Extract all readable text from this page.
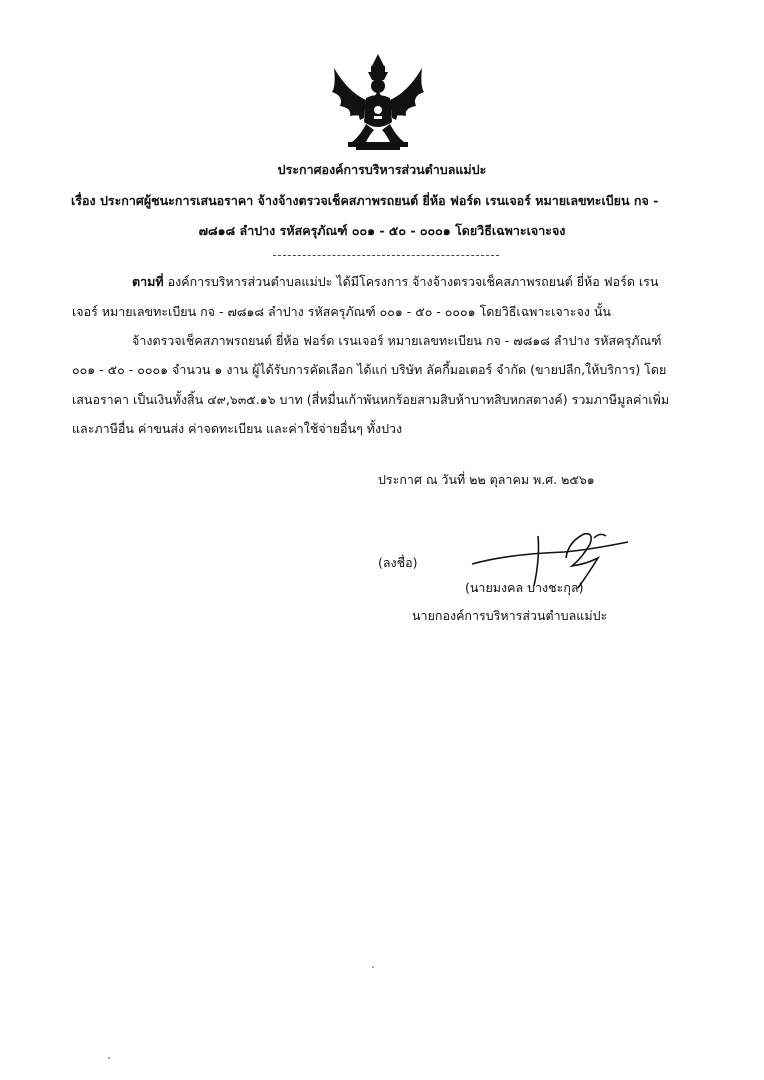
ประกาศองค์การบริหารส่วนตำบลแม่ปะ
เรื่อง ประกาศผู้ชนะการเสนอราคา จ้างจ้างตรวจเช็คสภาพรถยนต์ ยี่ห้อ ฟอร์ด เรนเจอร์ หมายเลขทะเบียน กจ -
๗๘๑๘ ลำปาง รหัสครุภัณฑ์ ๐๐๑ - ๕๐ - ๐๐๐๑ โดยวิธีเฉพาะเจาะจง
ตามที่ องค์การบริหารส่วนตำบลแม่ปะ ได้มีโครงการ จ้างจ้างตรวจเช็คสภาพรถยนต์ ยี่ห้อ ฟอร์ด เรน
เจอร์ หมายเลขทะเบียน กจ - ๗๘๑๘ ลำปาง รหัสครุภัณฑ์ ๐๐๑ - ๕๐ - ๐๐๐๑ โดยวิธีเฉพาะเจาะจง นั้น
จ้างตรวจเช็คสภาพรถยนต์ ยี่ห้อ ฟอร์ด เรนเจอร์ หมายเลขทะเบียน กจ - ๗๘๑๘ ลำปาง รหัสครุภัณฑ์
๐๐๑ - ๕๐ - ๐๐๐๑ จำนวน ๑ งาน ผู้ได้รับการคัดเลือก ได้แก่ บริษัท ลัคกี้มอเตอร์ จำกัด (ขายปลีก,ให้บริการ) โดย
เสนอราคา เป็นเงินทั้งสิ้น ๔๙,๖๓๕.๑๖ บาท (สี่หมื่นเก้าพันหกร้อยสามสิบห้าบาทสิบหกสตางค์) รวมภาษีมูลค่าเพิ่ม
และภาษีอื่น ค่าขนส่ง ค่าจดทะเบียน และค่าใช้จ่ายอื่นๆ ทั้งปวง
ประกาศ ณ วันที่ ๒๒ ตุลาคม พ.ศ. ๒๕๖๑
(ลงชื่อ)
(นายมงคล บางชะกุล)
นายกองค์การบริหารส่วนตำบลแม่ปะ
